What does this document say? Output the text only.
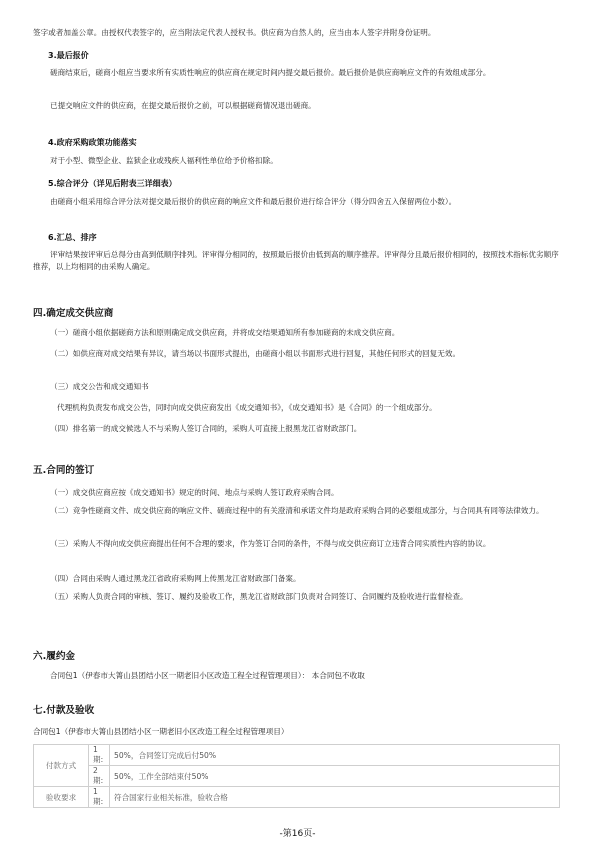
签字或者加盖公章。由授权代表签字的，应当附法定代表人授权书。供应商为自然人的，应当由本人签字并附身份证明。

3.最后报价

磋商结束后，磋商小组应当要求所有实质性响应的供应商在规定时间内提交最后报价。最后报价是供应商响应文件的有效组成部分。

已提交响应文件的供应商，在提交最后报价之前，可以根据磋商情况退出磋商。

4.政府采购政策功能落实

对于小型、微型企业、监狱企业或残疾人福利性单位给予价格扣除。

5.综合评分（详见后附表三详细表）

由磋商小组采用综合评分法对提交最后报价的供应商的响应文件和最后报价进行综合评分（得分四舍五入保留两位小数）。

6.汇总、排序

评审结果按评审后总得分由高到低顺序排列。评审得分相同的，按照最后报价由低到高的顺序推荐。评审得分且最后报价相同的，按照技术指标优劣顺序推荐，以上均相同的由采购人确定。

四.确定成交供应商

（一）磋商小组依据磋商方法和原则确定成交供应商，并将成交结果通知所有参加磋商的未成交供应商。

（二）如供应商对成交结果有异议，请当场以书面形式提出，由磋商小组以书面形式进行回复，其他任何形式的回复无效。

（三）成交公告和成交通知书

代理机构负责发布成交公告，同时向成交供应商发出《成交通知书》，《成交通知书》是《合同》的一个组成部分。

（四）排名第一的成交候选人不与采购人签订合同的，采购人可直接上报黑龙江省财政部门。

五.合同的签订

（一）成交供应商应按《成交通知书》规定的时间、地点与采购人签订政府采购合同。

（二）竞争性磋商文件、成交供应商的响应文件、磋商过程中的有关澄清和承诺文件均是政府采购合同的必要组成部分，与合同具有同等法律效力。

（三）采购人不得向成交供应商提出任何不合理的要求，作为签订合同的条件，不得与成交供应商订立违背合同实质性内容的协议。

（四）合同由采购人通过黑龙江省政府采购网上传黑龙江省财政部门备案。

（五）采购人负责合同的审核、签订、履约及验收工作，黑龙江省财政部门负责对合同签订、合同履约及验收进行监督检查。

六.履约金

合同包1（伊春市大箐山县团结小区一期老旧小区改造工程全过程管理项目）： 本合同包不收取

七.付款及验收

合同包1（伊春市大箐山县团结小区一期老旧小区改造工程全过程管理项目）

付款方式	1期:	50%，合同签订完成后付50%
	2期:	50%，工作全部结束付50%
验收要求	1期:	符合国家行业相关标准，验收合格

-第16页-
